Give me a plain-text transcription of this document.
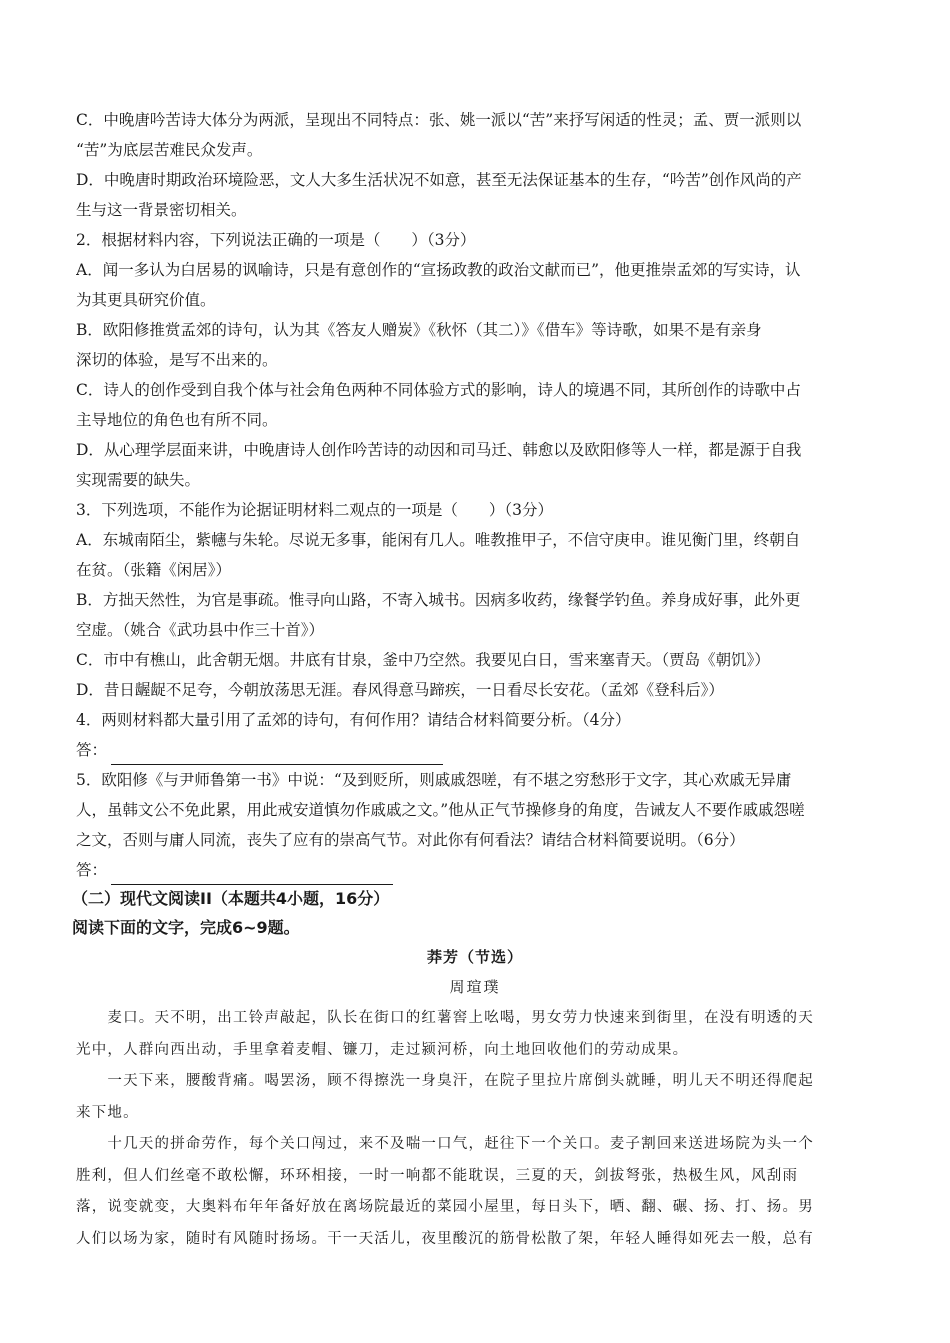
C．中晚唐吟苦诗大体分为两派，呈现出不同特点：张、姚一派以“苦”来抒写闲适的性灵；孟、贾一派则以
“苦”为底层苦难民众发声。
D．中晚唐时期政治环境险恶，文人大多生活状况不如意，甚至无法保证基本的生存，“吟苦”创作风尚的产
生与这一背景密切相关。
2．根据材料内容，下列说法正确的一项是（　　）（3分）
A．闻一多认为白居易的讽喻诗，只是有意创作的“宣扬政教的政治文献而已”，他更推崇孟郊的写实诗，认
为其更具研究价值。
B．欧阳修推赏孟郊的诗句，认为其《答友人赠炭》《秋怀（其二）》《借车》等诗歌，如果不是有亲身
深切的体验，是写不出来的。
C．诗人的创作受到自我个体与社会角色两种不同体验方式的影响，诗人的境遇不同，其所创作的诗歌中占
主导地位的角色也有所不同。
D．从心理学层面来讲，中晚唐诗人创作吟苦诗的动因和司马迁、韩愈以及欧阳修等人一样，都是源于自我
实现需要的缺失。
3．下列选项，不能作为论据证明材料二观点的一项是（　　）（3分）
A．东城南陌尘，紫幰与朱轮。尽说无多事，能闲有几人。唯教推甲子，不信守庚申。谁见衡门里，终朝自
在贫。（张籍《闲居》）
B．方拙天然性，为官是事疏。惟寻向山路，不寄入城书。因病多收药，缘餐学钓鱼。养身成好事，此外更
空虚。（姚合《武功县中作三十首》）
C．市中有樵山，此舍朝无烟。井底有甘泉，釜中乃空然。我要见白日，雪来塞青天。（贾岛《朝饥》）
D．昔日龌龊不足夸，今朝放荡思无涯。春风得意马蹄疾，一日看尽长安花。（孟郊《登科后》）
4．两则材料都大量引用了孟郊的诗句，有何作用？请结合材料简要分析。（4分）
答：
5．欧阳修《与尹师鲁第一书》中说：“及到贬所，则戚戚怨嗟，有不堪之穷愁形于文字，其心欢戚无异庸
人，虽韩文公不免此累，用此戒安道慎勿作戚戚之文。”他从正气节操修身的角度，告诫友人不要作戚戚怨嗟
之文，否则与庸人同流，丧失了应有的崇高气节。对此你有何看法？请结合材料简要说明。（6分）
答：
（二）现代文阅读II（本题共4小题，16分）
阅读下面的文字，完成6~9题。
莽芳（节选）
周瑄璞
　　麦口。天不明，出工铃声敲起，队长在街口的红薯窖上吆喝，男女劳力快速来到街里，在没有明透的天
光中，人群向西出动，手里拿着麦帽、镰刀，走过颍河桥，向土地回收他们的劳动成果。
　　一天下来，腰酸背痛。喝罢汤，顾不得擦洗一身臭汗，在院子里拉片席倒头就睡，明儿天不明还得爬起
来下地。
　　十几天的拼命劳作，每个关口闯过，来不及喘一口气，赶往下一个关口。麦子割回来送进场院为头一个
胜利，但人们丝毫不敢松懈，环环相接，一时一响都不能耽误，三夏的天，剑拔弩张，热极生风，风刮雨
落，说变就变，大奥料布年年备好放在离场院最近的菜园小屋里，每日头下，晒、翻、碾、扬、打、扬。男
人们以场为家，随时有风随时扬场。干一天活儿，夜里酸沉的筋骨松散了架，年轻人睡得如死去一般，总有
